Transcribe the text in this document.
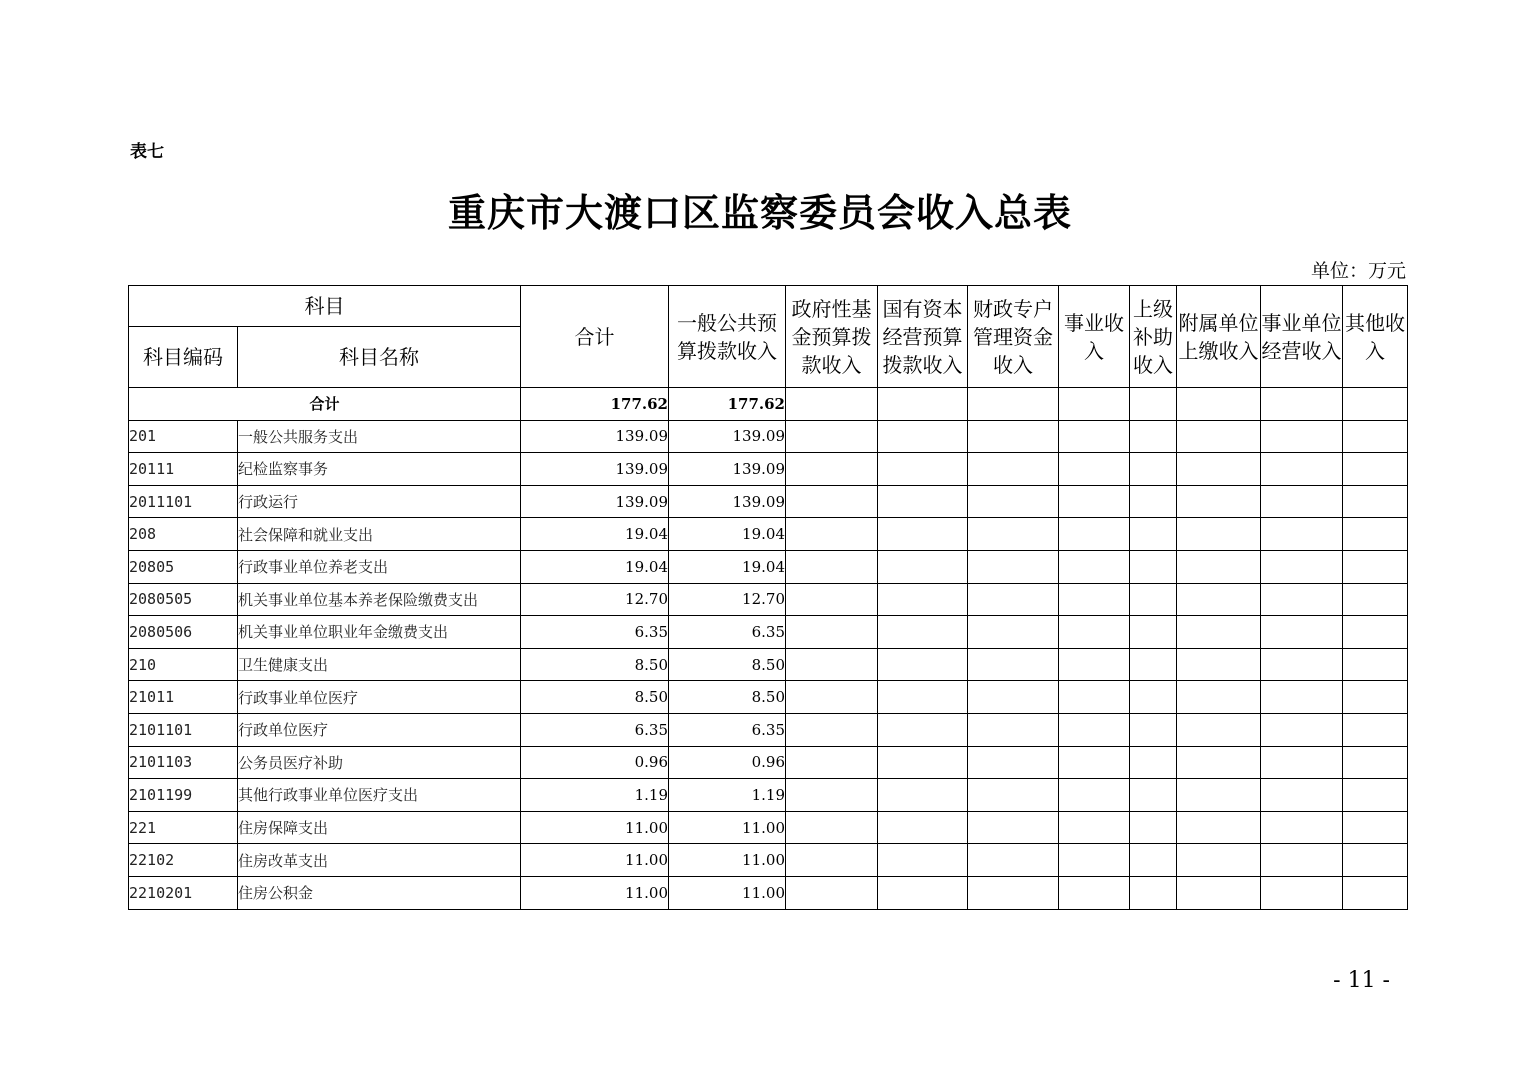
表七
重庆市大渡口区监察委员会收入总表
单位：万元
科目		合计	一般公共预算拨款收入	政府性基金预算拨款收入	国有资本经营预算拨款收入	财政专户管理资金收入	事业收入	上级补助收入	附属单位上缴收入	事业单位经营收入	其他收入
科目编码	科目名称										
合计		177.62	177.62								
201	一般公共服务支出	139.09	139.09								
20111	纪检监察事务	139.09	139.09								
2011101	行政运行	139.09	139.09								
208	社会保障和就业支出	19.04	19.04								
20805	行政事业单位养老支出	19.04	19.04								
2080505	机关事业单位基本养老保险缴费支出	12.70	12.70								
2080506	机关事业单位职业年金缴费支出	6.35	6.35								
210	卫生健康支出	8.50	8.50								
21011	行政事业单位医疗	8.50	8.50								
2101101	行政单位医疗	6.35	6.35								
2101103	公务员医疗补助	0.96	0.96								
2101199	其他行政事业单位医疗支出	1.19	1.19								
221	住房保障支出	11.00	11.00								
22102	住房改革支出	11.00	11.00								
2210201	住房公积金	11.00	11.00								
- 11 -
